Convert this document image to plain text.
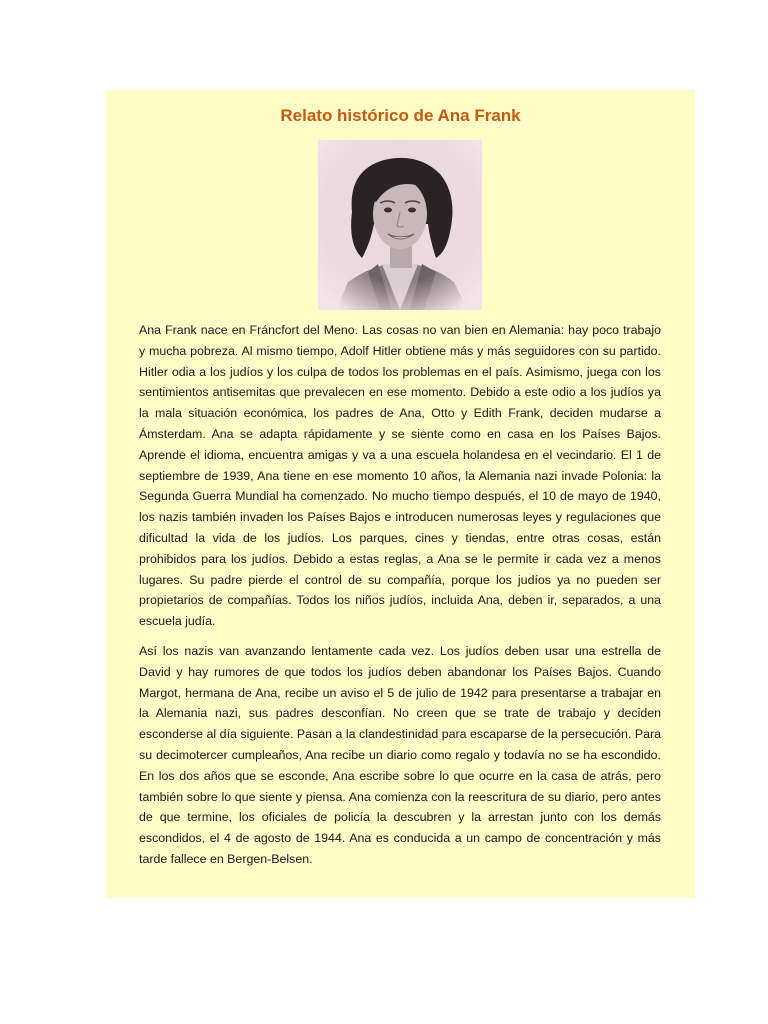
Relato histórico de Ana Frank

Ana Frank nace en Fráncfort del Meno. Las cosas no van bien en Alemania: hay poco trabajo y mucha pobreza. Al mismo tiempo, Adolf Hitler obtiene más y más seguidores con su partido. Hitler odia a los judíos y los culpa de todos los problemas en el país. Asimismo, juega con los sentimientos antisemitas que prevalecen en ese momento. Debido a este odio a los judíos ya la mala situación económica, los padres de Ana, Otto y Edith Frank, deciden mudarse a Ámsterdam. Ana se adapta rápidamente y se siente como en casa en los Países Bajos. Aprende el idioma, encuentra amigas y va a una escuela holandesa en el vecindario. El 1 de septiembre de 1939, Ana tiene en ese momento 10 años, la Alemania nazi invade Polonia: la Segunda Guerra Mundial ha comenzado. No mucho tiempo después, el 10 de mayo de 1940, los nazis también invaden los Países Bajos e introducen numerosas leyes y regulaciones que dificultad la vida de los judíos. Los parques, cines y tiendas, entre otras cosas, están prohibidos para los judíos. Debido a estas reglas, a Ana se le permite ir cada vez a menos lugares. Su padre pierde el control de su compañía, porque los judíos ya no pueden ser propietarios de compañías. Todos los niños judíos, incluida Ana, deben ir, separados, a una escuela judía.

Así los nazis van avanzando lentamente cada vez. Los judíos deben usar una estrella de David y hay rumores de que todos los judíos deben abandonar los Países Bajos. Cuando Margot, hermana de Ana, recibe un aviso el 5 de julio de 1942 para presentarse a trabajar en la Alemania nazi, sus padres desconfían. No creen que se trate de trabajo y deciden esconderse al día siguiente. Pasan a la clandestinidad para escaparse de la persecución. Para su decimotercer cumpleaños, Ana recibe un diario como regalo y todavía no se ha escondido. En los dos años que se esconde, Ana escribe sobre lo que ocurre en la casa de atrás, pero también sobre lo que siente y piensa. Ana comienza con la reescritura de su diario, pero antes de que termine, los oficiales de policía la descubren y la arrestan junto con los demás escondidos, el 4 de agosto de 1944. Ana es conducida a un campo de concentración y más tarde fallece en Bergen-Belsen.
